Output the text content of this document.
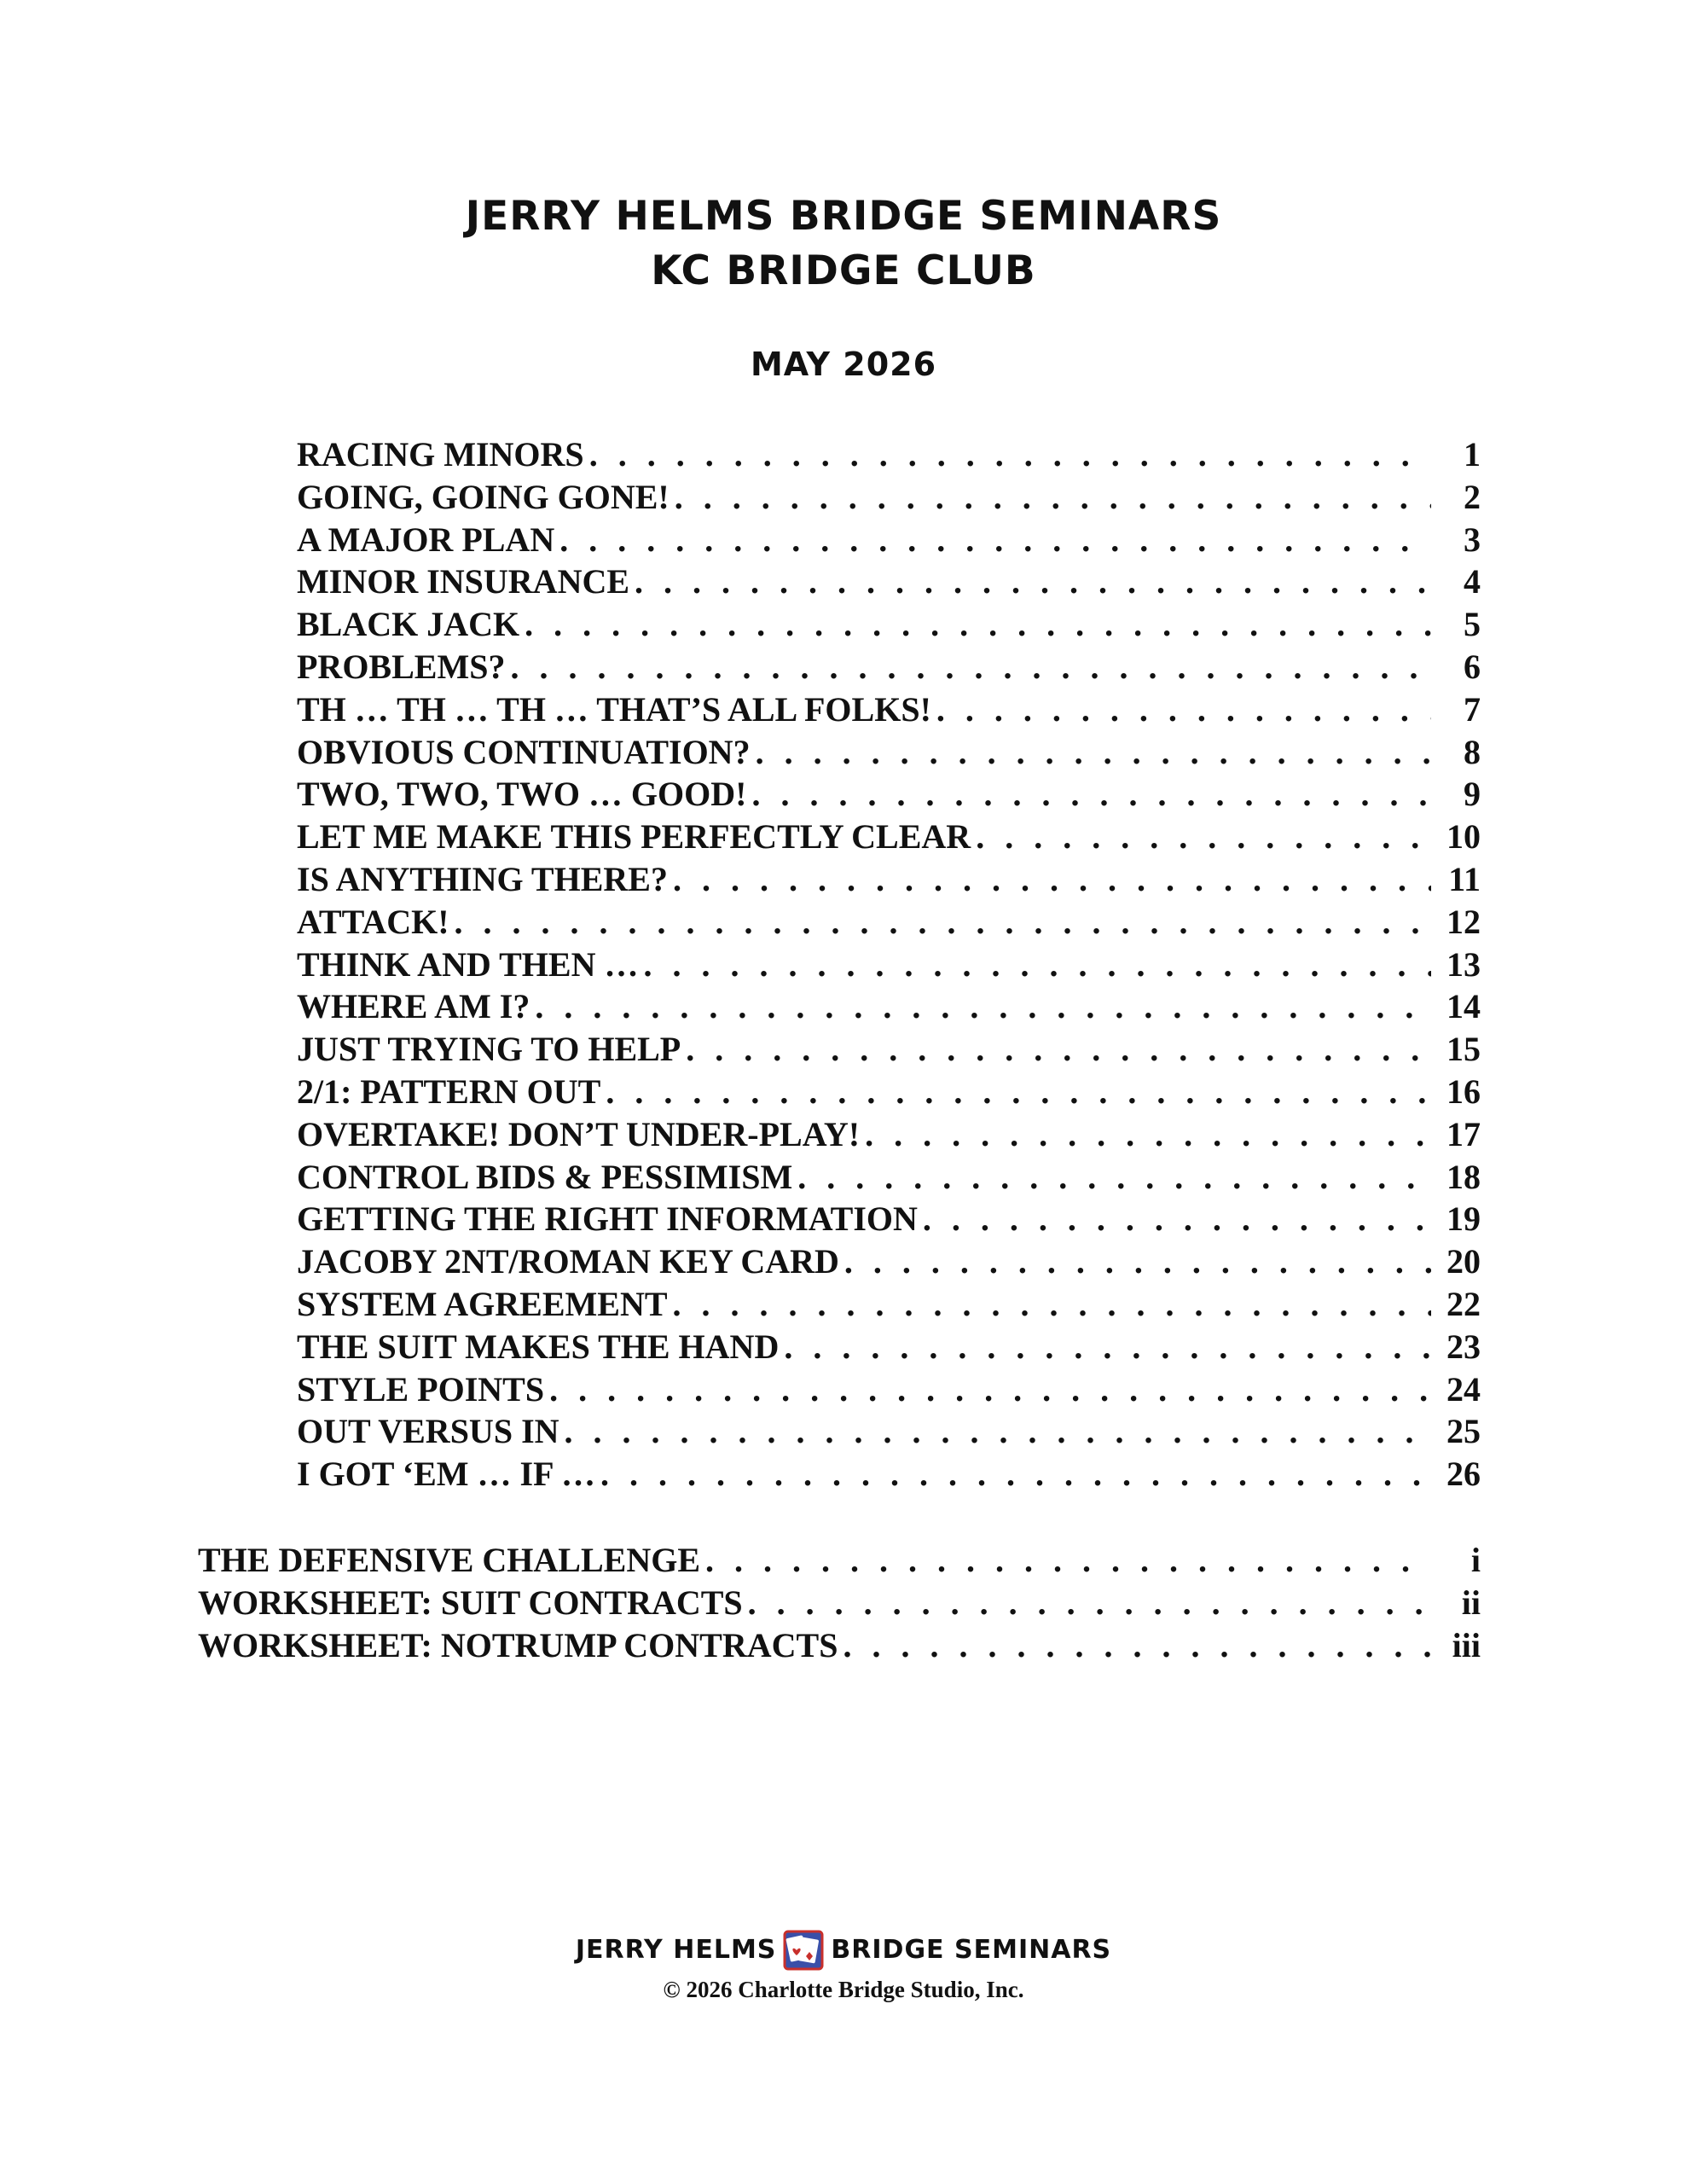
JERRY HELMS BRIDGE SEMINARS
KC BRIDGE CLUB
MAY 2026
RACING MINORS . . .	1
GOING, GOING GONE! . . .	2
A MAJOR PLAN . . .	3
MINOR INSURANCE . . .	4
BLACK JACK . . .	5
PROBLEMS? . . .	6
TH … TH … TH … THAT’S ALL FOLKS! . . .	7
OBVIOUS CONTINUATION? . . .	8
TWO, TWO, TWO … GOOD! . . .	9
LET ME MAKE THIS PERFECTLY CLEAR . . .	10
IS ANYTHING THERE? . . .	11
ATTACK! . . .	12
THINK AND THEN … . . .	13
WHERE AM I? . . .	14
JUST TRYING TO HELP . . .	15
2/1: PATTERN OUT . . .	16
OVERTAKE! DON’T UNDER-PLAY! . . .	17
CONTROL BIDS & PESSIMISM . . .	18
GETTING THE RIGHT INFORMATION . . .	19
JACOBY 2NT/ROMAN KEY CARD . . .	20
SYSTEM AGREEMENT . . .	22
THE SUIT MAKES THE HAND . . .	23
STYLE POINTS . . .	24
OUT VERSUS IN . . .	25
I GOT ‘EM … IF … . . .	26
THE DEFENSIVE CHALLENGE . . .	i
WORKSHEET: SUIT CONTRACTS . . .	ii
WORKSHEET: NOTRUMP CONTRACTS . . .	iii
JERRY HELMS BRIDGE SEMINARS
© 2026 Charlotte Bridge Studio, Inc.
